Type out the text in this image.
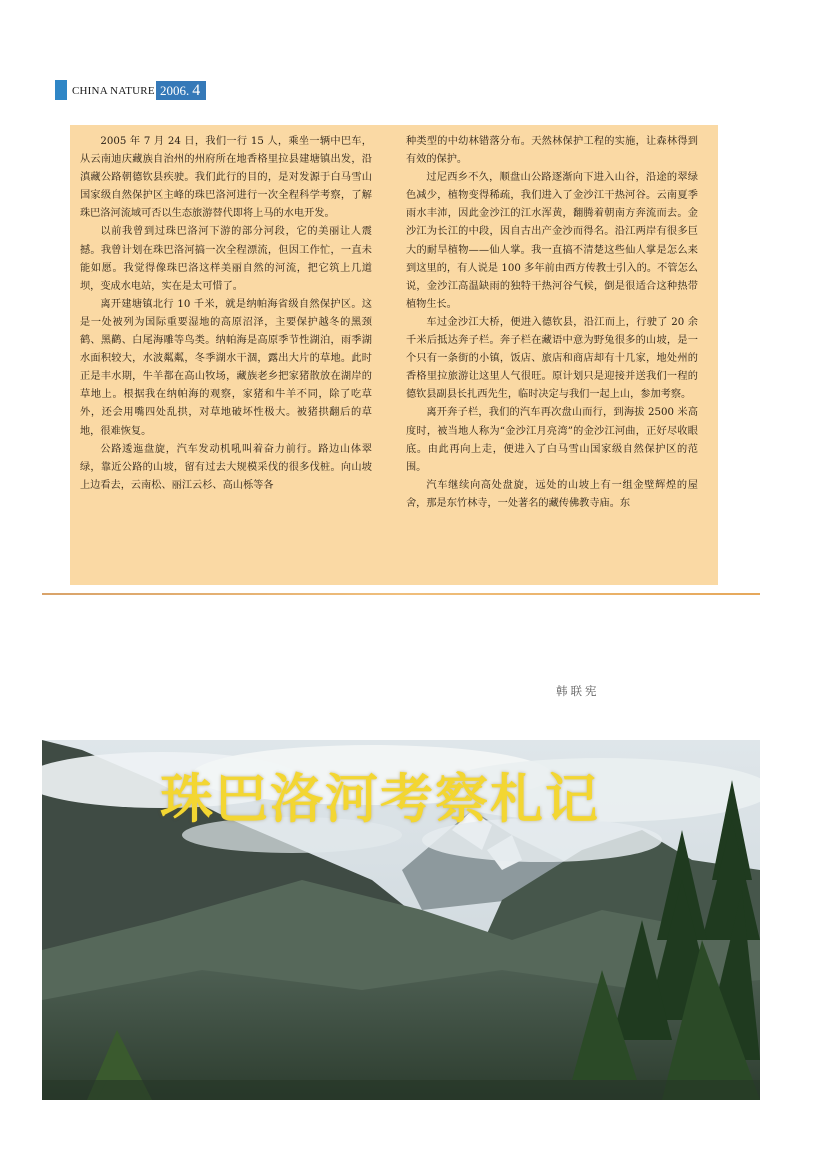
CHINA NATURE 2006. 4

2005 年 7 月 24 日，我们一行 15 人，乘坐一辆中巴车，从云南迪庆藏族自治州的州府所在地香格里拉县建塘镇出发，沿滇藏公路朝德钦县疾驶。我们此行的目的，是对发源于白马雪山国家级自然保护区主峰的珠巴洛河进行一次全程科学考察，了解珠巴洛河流域可否以生态旅游替代即将上马的水电开发。

以前我曾到过珠巴洛河下游的部分河段，它的美丽让人震撼。我曾计划在珠巴洛河搞一次全程漂流，但因工作忙，一直未能如愿。我觉得像珠巴洛这样美丽自然的河流，把它筑上几道坝，变成水电站，实在是太可惜了。

离开建塘镇北行 10 千米，就是纳帕海省级自然保护区。这是一处被列为国际重要湿地的高原沼泽，主要保护越冬的黑颈鹤、黑鹳、白尾海雕等鸟类。纳帕海是高原季节性湖泊，雨季湖水面积较大，水波粼粼，冬季湖水干涸，露出大片的草地。此时正是丰水期，牛羊都在高山牧场，藏族老乡把家猪散放在湖岸的草地上。根据我在纳帕海的观察，家猪和牛羊不同，除了吃草外，还会用嘴四处乱拱，对草地破坏性极大。被猪拱翻后的草地，很难恢复。

公路逶迤盘旋，汽车发动机吼叫着奋力前行。路边山体翠绿，靠近公路的山坡，留有过去大规模采伐的很多伐桩。向山坡上边看去，云南松、丽江云杉、高山栎等各

种类型的中幼林错落分布。天然林保护工程的实施，让森林得到有效的保护。

过尼西乡不久，顺盘山公路逐渐向下进入山谷，沿途的翠绿色减少，植物变得稀疏，我们进入了金沙江干热河谷。云南夏季雨水丰沛，因此金沙江的江水浑黄，翻腾着朝南方奔流而去。金沙江为长江的中段，因自古出产金沙而得名。沿江两岸有很多巨大的耐旱植物——仙人掌。我一直搞不清楚这些仙人掌是怎么来到这里的，有人说是 100 多年前由西方传教士引入的。不管怎么说，金沙江高温缺雨的独特干热河谷气候，倒是很适合这种热带植物生长。

车过金沙江大桥，便进入德钦县，沿江而上，行驶了 20 余千米后抵达奔子栏。奔子栏在藏语中意为野兔很多的山坡，是一个只有一条街的小镇，饭店、旅店和商店却有十几家，地处州的香格里拉旅游让这里人气很旺。原计划只是迎接并送我们一程的德钦县副县长扎西先生，临时决定与我们一起上山，参加考察。

离开奔子栏，我们的汽车再次盘山而行，到海拔 2500 米高度时，被当地人称为“金沙江月亮湾”的金沙江河曲，正好尽收眼底。由此再向上走，便进入了白马雪山国家级自然保护区的范围。

汽车继续向高处盘旋，远处的山坡上有一组金壁辉煌的屋舍，那是东竹林寺，一处著名的藏传佛教寺庙。东

韩联宪
珠巴洛河考察札记
